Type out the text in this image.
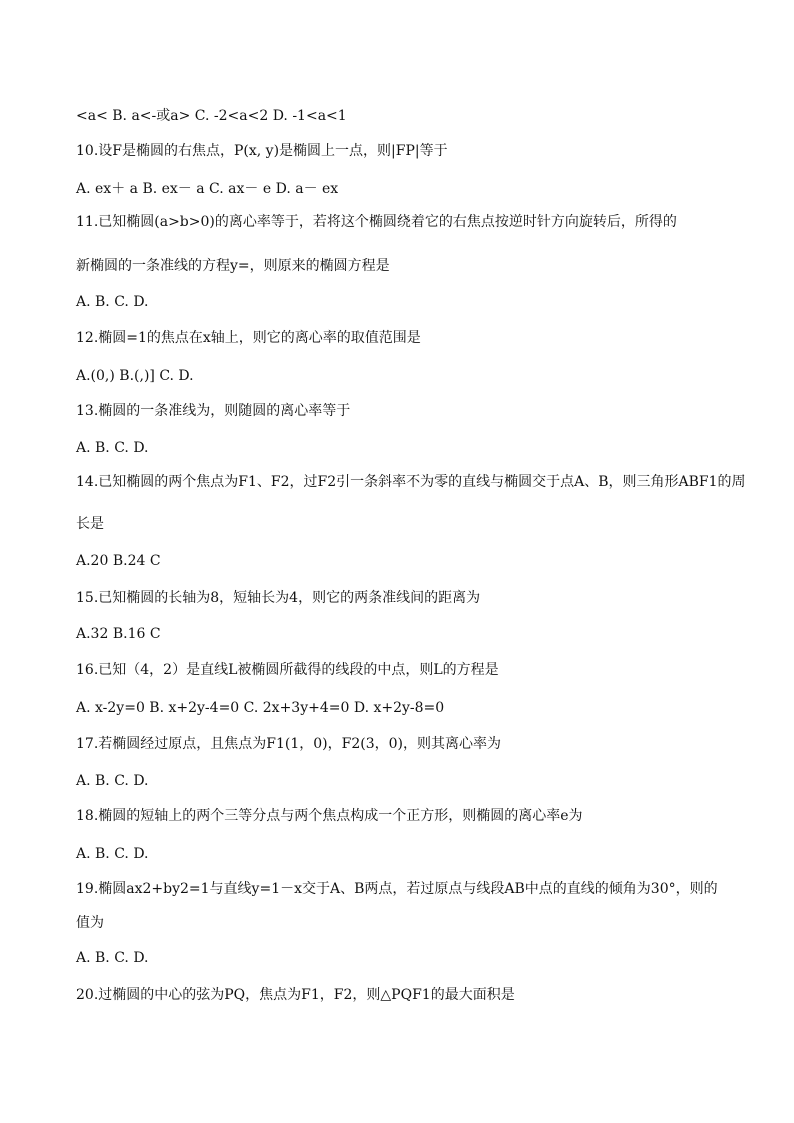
<a< B. a<-或a> C. -2<a<2 D. -1<a<1
10.设F是椭圆的右焦点，P(x, y)是椭圆上一点，则|FP|等于
A. ex＋ a B. ex－ a C. ax－ e D. a－ ex
11.已知椭圆(a>b>0)的离心率等于，若将这个椭圆绕着它的右焦点按逆时针方向旋转后，所得的
新椭圆的一条准线的方程y=，则原来的椭圆方程是
A. B. C. D.
12.椭圆=1的焦点在x轴上，则它的离心率的取值范围是
A.(0,) B.(,)] C. D.
13.椭圆的一条准线为，则随圆的离心率等于
A. B. C. D.
14.已知椭圆的两个焦点为F1、F2，过F2引一条斜率不为零的直线与椭圆交于点A、B，则三角形ABF1的周
长是
A.20 B.24 C
15.已知椭圆的长轴为8，短轴长为4，则它的两条准线间的距离为
A.32 B.16 C
16.已知（4，2）是直线L被椭圆所截得的线段的中点，则L的方程是
A. x-2y=0 B. x+2y-4=0 C. 2x+3y+4=0 D. x+2y-8=0
17.若椭圆经过原点，且焦点为F1(1，0)，F2(3，0)，则其离心率为
A. B. C. D.
18.椭圆的短轴上的两个三等分点与两个焦点构成一个正方形，则椭圆的离心率e为
A. B. C. D.
19.椭圆ax2+by2=1与直线y=1－x交于A、B两点，若过原点与线段AB中点的直线的倾角为30°，则的
值为
A. B. C. D.
20.过椭圆的中心的弦为PQ，焦点为F1，F2，则△PQF1的最大面积是
